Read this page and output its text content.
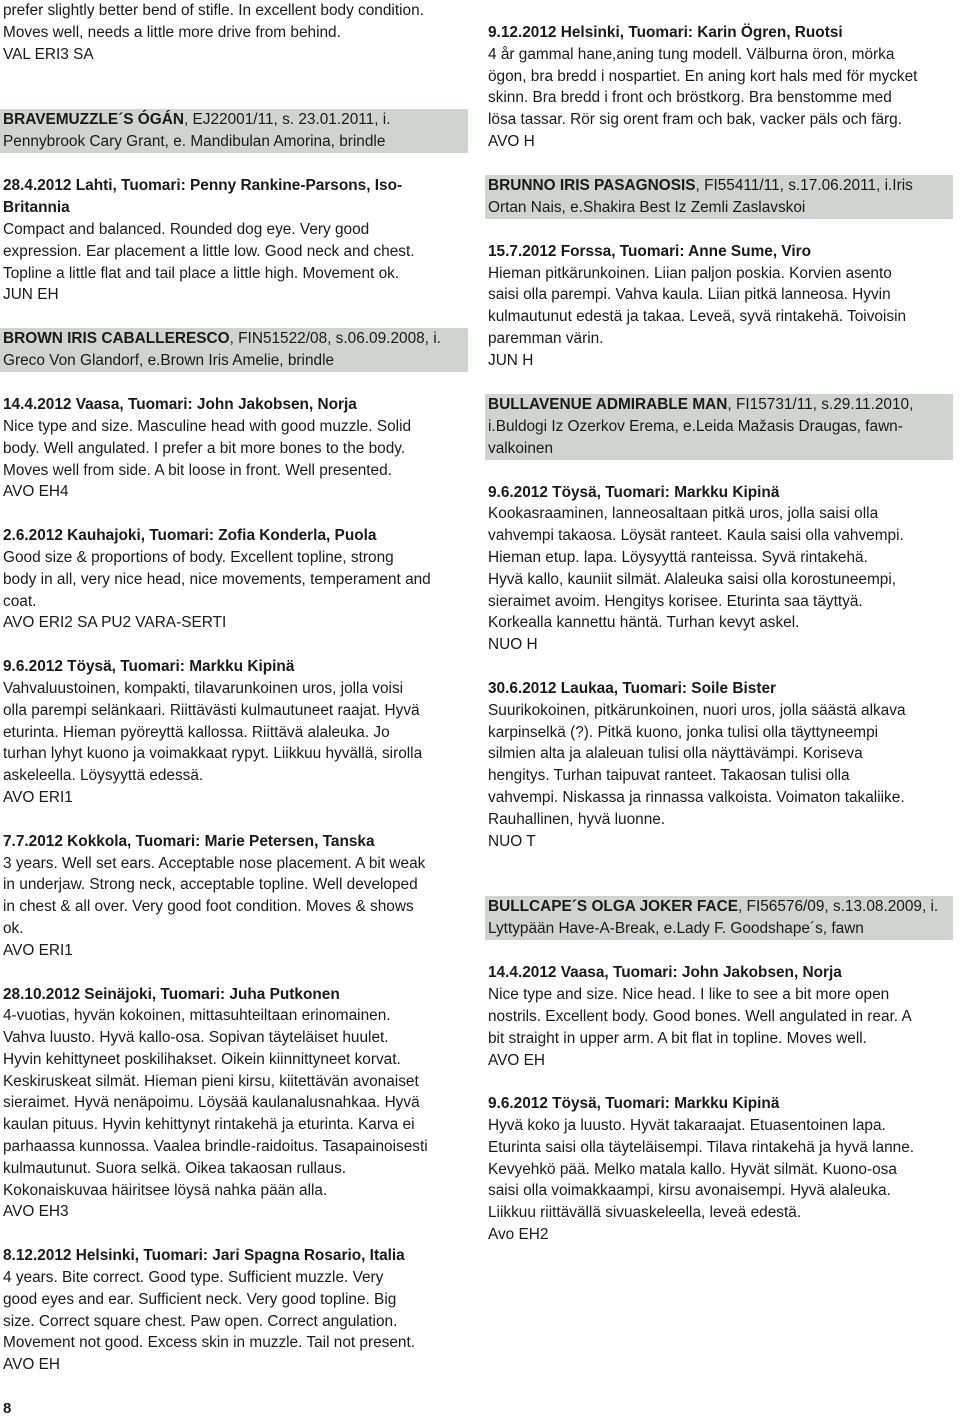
prefer slightly better bend of stifle. In excellent body condition.
Moves well, needs a little more drive from behind.
VAL ERI3 SA
BRAVEMUZZLE´S ÓGÁN, EJ22001/11, s. 23.01.2011, i.
Pennybrook Cary Grant, e. Mandibulan Amorina, brindle
28.4.2012 Lahti, Tuomari: Penny Rankine-Parsons, Iso-
Britannia
Compact and balanced. Rounded dog eye. Very good
expression. Ear placement a little low. Good neck and chest.
Topline a little flat and tail place a little high. Movement ok.
JUN EH
BROWN IRIS CABALLERESCO, FIN51522/08, s.06.09.2008, i.
Greco Von Glandorf, e.Brown Iris Amelie, brindle
14.4.2012 Vaasa, Tuomari: John Jakobsen, Norja
Nice type and size. Masculine head with good muzzle. Solid
body. Well angulated. I prefer a bit more bones to the body.
Moves well from side. A bit loose in front. Well presented.
AVO EH4
2.6.2012 Kauhajoki, Tuomari: Zofia Konderla, Puola
Good size & proportions of body. Excellent topline, strong
body in all, very nice head, nice movements, temperament and
coat.
AVO ERI2 SA PU2 VARA-SERTI
9.6.2012 Töysä, Tuomari: Markku Kipinä
Vahvaluustoinen, kompakti, tilavarunkoinen uros, jolla voisi
olla parempi selänkaari. Riittävästi kulmautuneet raajat. Hyvä
eturinta. Hieman pyöreyttä kallossa. Riittävä alaleuka. Jo
turhan lyhyt kuono ja voimakkaat rypyt. Liikkuu hyvällä, sirolla
askeleella. Löysyyttä edessä.
AVO ERI1
7.7.2012 Kokkola, Tuomari: Marie Petersen, Tanska
3 years. Well set ears. Acceptable nose placement. A bit weak
in underjaw. Strong neck, acceptable topline. Well developed
in chest & all over. Very good foot condition. Moves & shows
ok.
AVO ERI1
28.10.2012 Seinäjoki, Tuomari: Juha Putkonen
4-vuotias, hyvän kokoinen, mittasuhteiltaan erinomainen.
Vahva luusto. Hyvä kallo-osa. Sopivan täyteläiset huulet.
Hyvin kehittyneet poskilihakset. Oikein kiinnittyneet korvat.
Keskiruskeat silmät. Hieman pieni kirsu, kiitettävän avonaiset
sieraimet. Hyvä nenäpoimu. Löysää kaulanalusnahkaa. Hyvä
kaulan pituus. Hyvin kehittynyt rintakehä ja eturinta. Karva ei
parhaassa kunnossa. Vaalea brindle-raidoitus. Tasapainoisesti
kulmautunut. Suora selkä. Oikea takaosan rullaus.
Kokonaiskuvaa häiritsee löysä nahka pään alla.
AVO EH3
8.12.2012 Helsinki, Tuomari: Jari Spagna Rosario, Italia
4 years. Bite correct. Good type. Sufficient muzzle. Very
good eyes and ear. Sufficient neck. Very good topline. Big
size. Correct square chest. Paw open. Correct angulation.
Movement not good. Excess skin in muzzle. Tail not present.
AVO EH
9.12.2012 Helsinki, Tuomari: Karin Ögren, Ruotsi
4 år gammal hane,aning tung modell. Välburna öron, mörka
ögon, bra bredd i nospartiet. En aning kort hals med för mycket
skinn. Bra bredd i front och bröstkorg. Bra benstomme med
lösa tassar. Rör sig orent fram och bak, vacker päls och färg.
AVO H
BRUNNO IRIS PASAGNOSIS, FI55411/11, s.17.06.2011, i.Iris
Ortan Nais, e.Shakira Best Iz Zemli Zaslavskoi
15.7.2012 Forssa, Tuomari: Anne Sume, Viro
Hieman pitkärunkoinen. Liian paljon poskia. Korvien asento
saisi olla parempi. Vahva kaula. Liian pitkä lanneosa. Hyvin
kulmautunut edestä ja takaa. Leveä, syvä rintakehä. Toivoisin
paremman värin.
JUN H
BULLAVENUE ADMIRABLE MAN, FI15731/11, s.29.11.2010,
i.Buldogi Iz Ozerkov Erema, e.Leida Mažasis Draugas, fawn-
valkoinen
9.6.2012 Töysä, Tuomari: Markku Kipinä
Kookasraaminen, lanneosaltaan pitkä uros, jolla saisi olla
vahvempi takaosa. Löysät ranteet. Kaula saisi olla vahvempi.
Hieman etup. lapa. Löysyyttä ranteissa. Syvä rintakehä.
Hyvä kallo, kauniit silmät. Alaleuka saisi olla korostuneempi,
sieraimet avoim. Hengitys korisee. Eturinta saa täyttyä.
Korkealla kannettu häntä. Turhan kevyt askel.
NUO H
30.6.2012 Laukaa, Tuomari: Soile Bister
Suurikokoinen, pitkärunkoinen, nuori uros, jolla säästä alkava
karpinselkä (?). Pitkä kuono, jonka tulisi olla täyttyneempi
silmien alta ja alaleuan tulisi olla näyttävämpi. Koriseva
hengitys. Turhan taipuvat ranteet. Takaosan tulisi olla
vahvempi. Niskassa ja rinnassa valkoista. Voimaton takaliike.
Rauhallinen, hyvä luonne.
NUO T
BULLCAPE´S OLGA JOKER FACE, FI56576/09, s.13.08.2009, i.
Lyttypään Have-A-Break, e.Lady F. Goodshape´s, fawn
14.4.2012 Vaasa, Tuomari: John Jakobsen, Norja
Nice type and size. Nice head. I like to see a bit more open
nostrils. Excellent body. Good bones. Well angulated in rear. A
bit straight in upper arm. A bit flat in topline. Moves well.
AVO EH
9.6.2012 Töysä, Tuomari: Markku Kipinä
Hyvä koko ja luusto. Hyvät takaraajat. Etuasentoinen lapa.
Eturinta saisi olla täyteläisempi. Tilava rintakehä ja hyvä lanne.
Kevyehkö pää. Melko matala kallo. Hyvät silmät. Kuono-osa
saisi olla voimakkaampi, kirsu avonaisempi. Hyvä alaleuka.
Liikkuu riittävällä sivuaskeleella, leveä edestä.
Avo EH2
8
